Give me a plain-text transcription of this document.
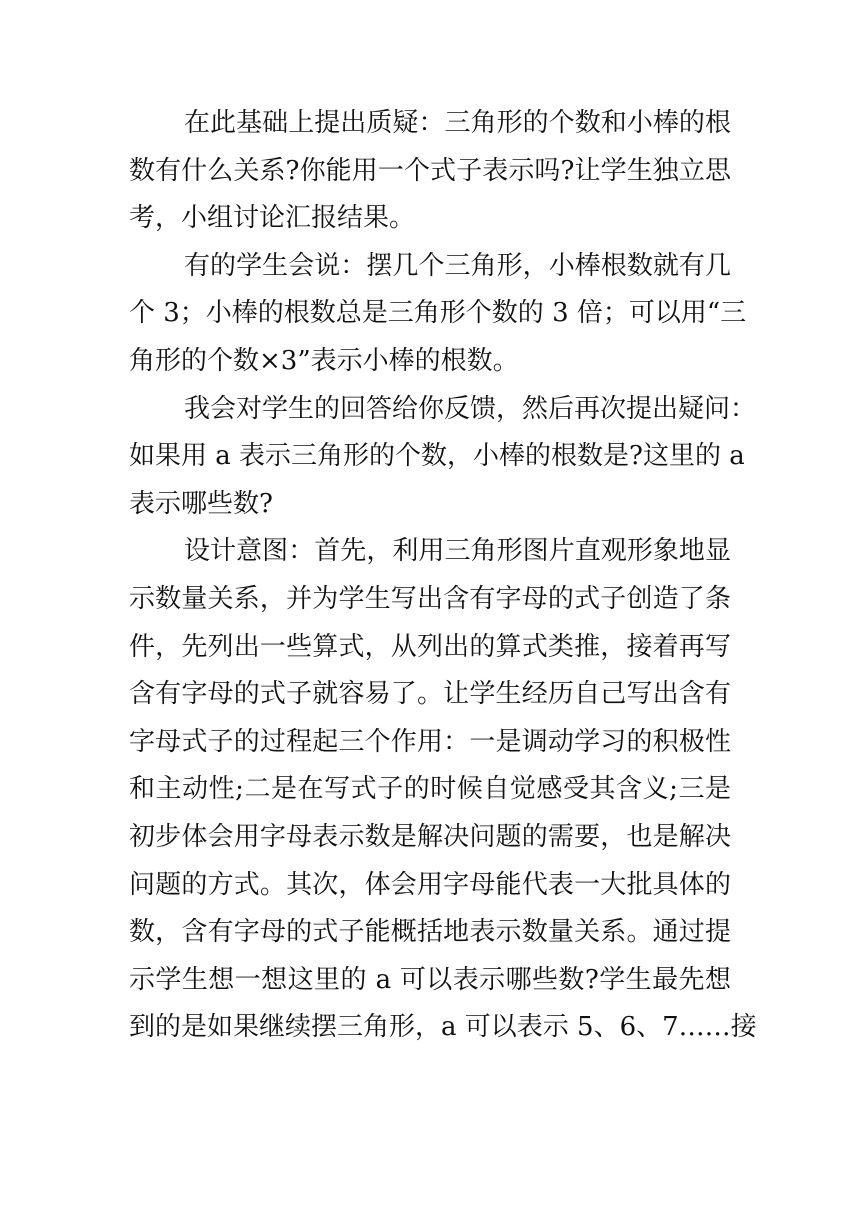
在此基础上提出质疑：三角形的个数和小棒的根
数有什么关系?你能用一个式子表示吗?让学生独立思
考，小组讨论汇报结果。
有的学生会说：摆几个三角形，小棒根数就有几
个 3；小棒的根数总是三角形个数的 3 倍；可以用“三
角形的个数×3”表示小棒的根数。
我会对学生的回答给你反馈，然后再次提出疑问：
如果用 a 表示三角形的个数，小棒的根数是?这里的 a
表示哪些数?
设计意图：首先，利用三角形图片直观形象地显
示数量关系，并为学生写出含有字母的式子创造了条
件，先列出一些算式，从列出的算式类推，接着再写
含有字母的式子就容易了。让学生经历自己写出含有
字母式子的过程起三个作用：一是调动学习的积极性
和主动性;二是在写式子的时候自觉感受其含义;三是
初步体会用字母表示数是解决问题的需要，也是解决
问题的方式。其次，体会用字母能代表一大批具体的
数，含有字母的式子能概括地表示数量关系。通过提
示学生想一想这里的 a 可以表示哪些数?学生最先想
到的是如果继续摆三角形，a 可以表示 5、6、7……接
